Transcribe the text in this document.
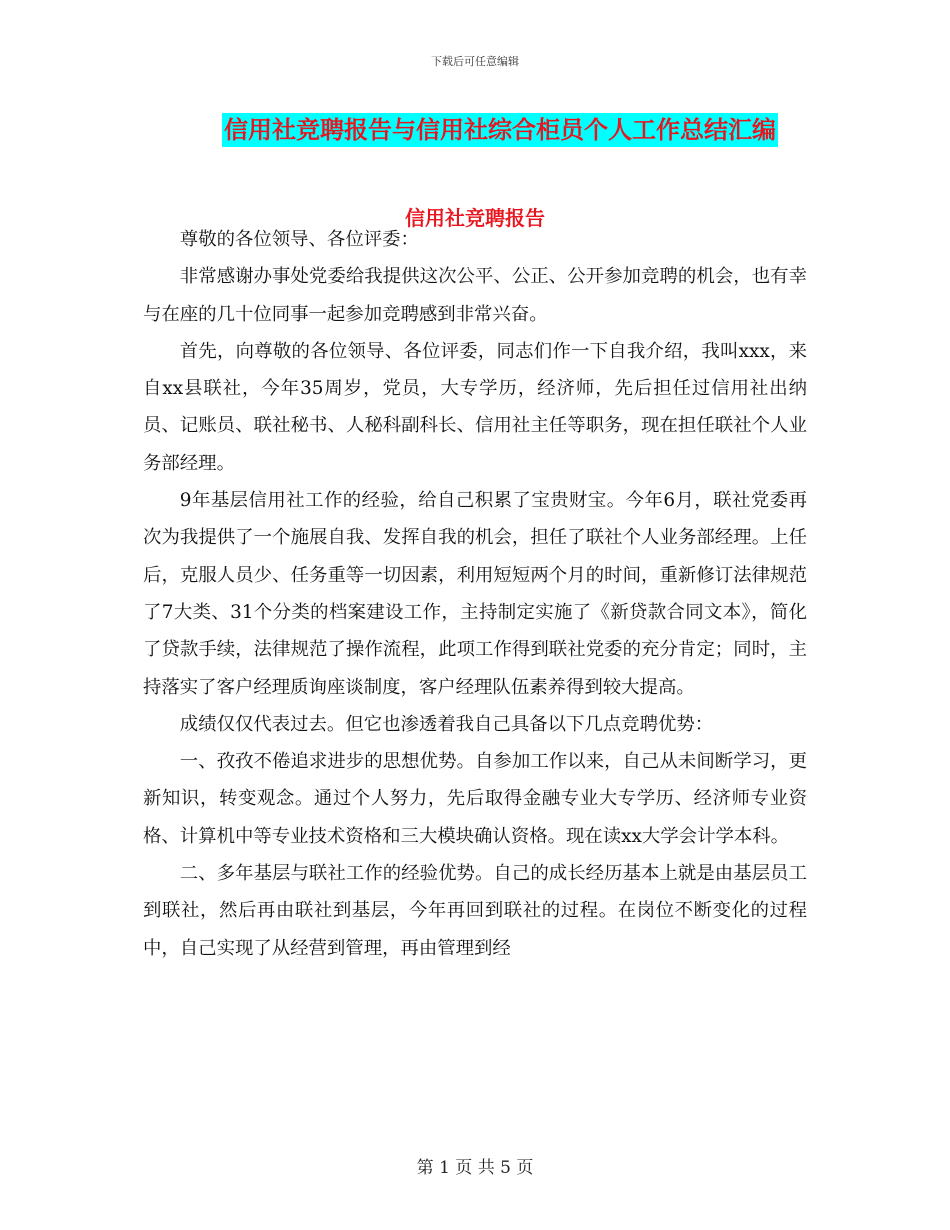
下载后可任意编辑
信用社竞聘报告与信用社综合柜员个人工作总结汇编
信用社竞聘报告

尊敬的各位领导、各位评委：

非常感谢办事处党委给我提供这次公平、公正、公开参加竞聘的机会，也有幸与在座的几十位同事一起参加竞聘感到非常兴奋。

首先，向尊敬的各位领导、各位评委，同志们作一下自我介绍，我叫xxx，来自xx县联社，今年35周岁，党员，大专学历，经济师，先后担任过信用社出纳员、记账员、联社秘书、人秘科副科长、信用社主任等职务，现在担任联社个人业务部经理。

9年基层信用社工作的经验，给自己积累了宝贵财宝。今年6月，联社党委再次为我提供了一个施展自我、发挥自我的机会，担任了联社个人业务部经理。上任后，克服人员少、任务重等一切因素，利用短短两个月的时间，重新修订法律规范了7大类、31个分类的档案建设工作，主持制定实施了《新贷款合同文本》，简化了贷款手续，法律规范了操作流程，此项工作得到联社党委的充分肯定；同时，主持落实了客户经理质询座谈制度，客户经理队伍素养得到较大提高。

成绩仅仅代表过去。但它也渗透着我自己具备以下几点竞聘优势：

一、孜孜不倦追求进步的思想优势。自参加工作以来，自己从未间断学习，更新知识，转变观念。通过个人努力，先后取得金融专业大专学历、经济师专业资格、计算机中等专业技术资格和三大模块确认资格。现在读xx大学会计学本科。

二、多年基层与联社工作的经验优势。自己的成长经历基本上就是由基层员工到联社，然后再由联社到基层，今年再回到联社的过程。在岗位不断变化的过程中，自己实现了从经营到管理，再由管理到经

第 1 页 共 5 页
